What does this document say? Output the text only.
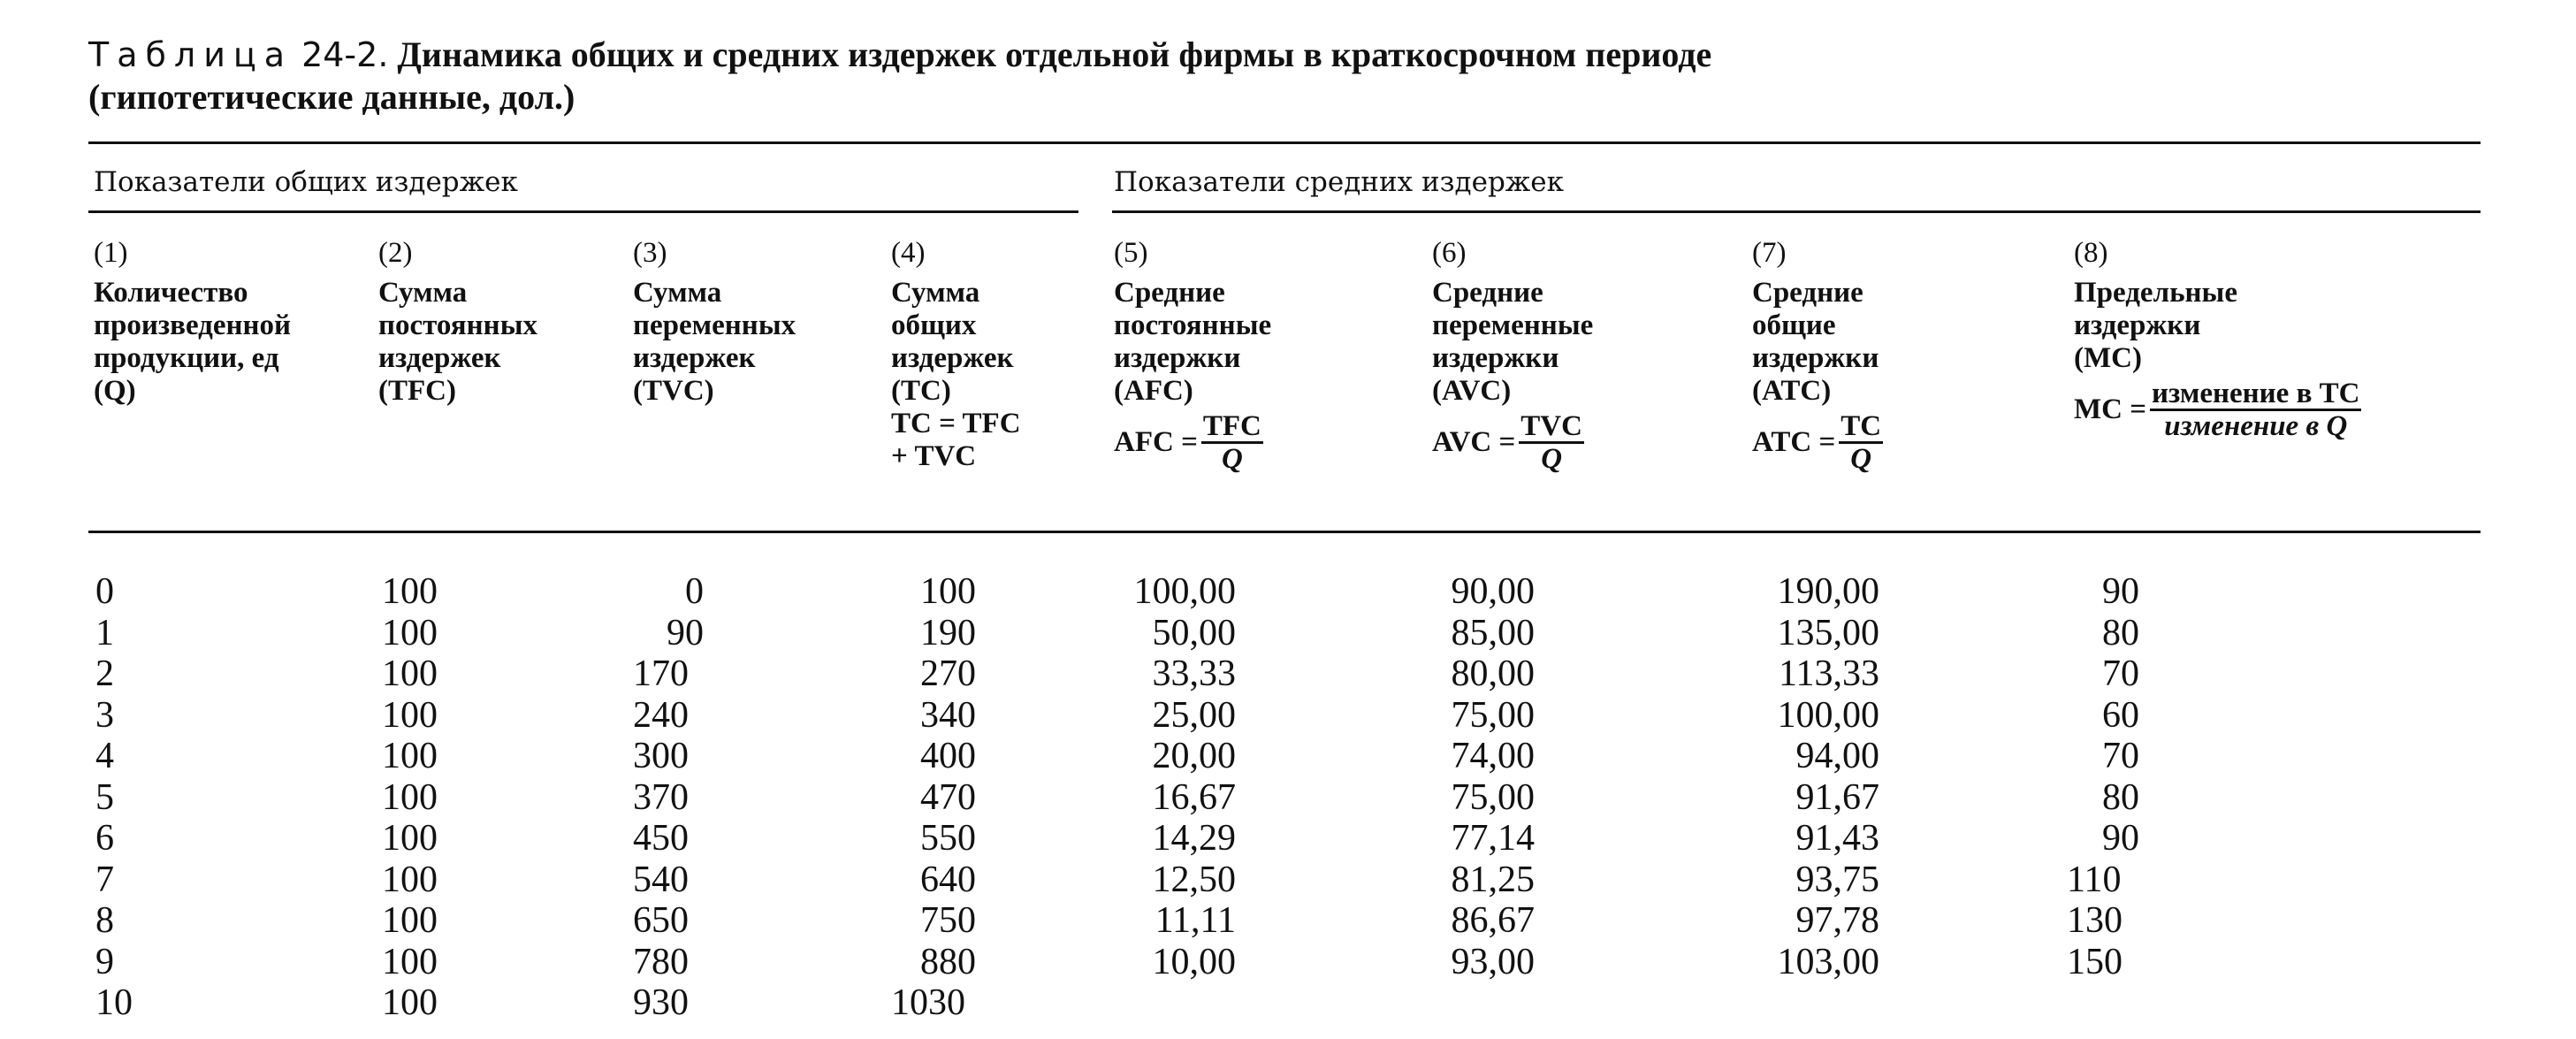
Таблица 24-2. Динамика общих и средних издержек отдельной фирмы в краткосрочном периоде
(гипотетические данные, дол.)
Показатели общих издержек	Показатели средних издержек
(1)
Количество
произведенной
продукции, ед
(Q)
(2)
Сумма
постоянных
издержек
(TFC)
(3)
Сумма
переменных
издержек
(TVC)
(4)
Сумма
общих
издержек
(TC)
TC = TFC
+ TVC
(5)
Средние
постоянные
издержки
(AFC)
AFC = $\frac{\text{TFC}}{Q}$
(6)
Средние
переменные
издержки
(AVC)
AVC = $\frac{\text{TVC}}{Q}$
(7)
Средние
общие
издержки
(ATC)
ATC = $\frac{TC}{Q}$
(8)
Предельные
издержки
(MC)
MC = $\frac{\text{изменение в TC}}{\text{изменение в Q}}$
0	100	0	100	100,00	90,00	190,00	90
1	100	90	190	50,00	85,00	135,00	80
2	100	170	270	33,33	80,00	113,33	70
3	100	240	340	25,00	75,00	100,00	60
4	100	300	400	20,00	74,00	94,00	70
5	100	370	470	16,67	75,00	91,67	80
6	100	450	550	14,29	77,14	91,43	90
7	100	540	640	12,50	81,25	93,75	110
8	100	650	750	11,11	86,67	97,78	130
9	100	780	880	10,00	93,00	103,00	150
10	100	930	1030
